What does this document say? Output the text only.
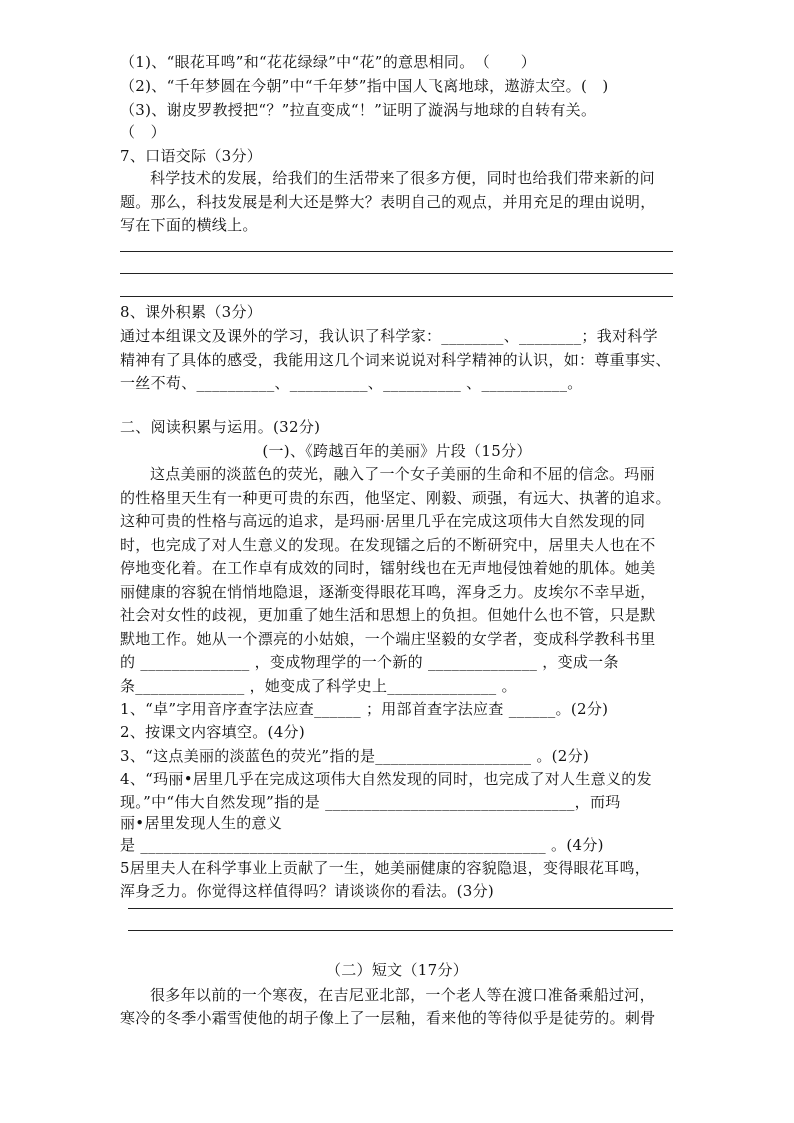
（1)、“眼花耳鸣”和“花花绿绿”中“花”的意思相同。　（　　）
（2)、“千年梦圆在今朝”中“千年梦”指中国人飞离地球，遨游太空。(　)
（3)、谢皮罗教授把“？”拉直变成“！”证明了漩涡与地球的自转有关。
（　）
7、口语交际（3分）
科学技术的发展，给我们的生活带来了很多方便，同时也给我们带来新的问
题。那么，科技发展是利大还是弊大？表明自己的观点，并用充足的理由说明，
写在下面的横线上。
8、课外积累（3分）
通过本组课文及课外的学习，我认识了科学家：________、________；我对科学
精神有了具体的感受，我能用这几个词来说说对科学精神的认识，如：尊重事实、
一丝不苟、__________、__________、__________ 、___________。
二、阅读积累与运用。(32分)
(一)、《跨越百年的美丽》片段（15分）
这点美丽的淡蓝色的荧光，融入了一个女子美丽的生命和不屈的信念。玛丽
的性格里天生有一种更可贵的东西，他坚定、刚毅、顽强，有远大、执著的追求。
这种可贵的性格与高远的追求，是玛丽·居里几乎在完成这项伟大自然发现的同
时，也完成了对人生意义的发现。在发现镭之后的不断研究中，居里夫人也在不
停地变化着。在工作卓有成效的同时，镭射线也在无声地侵蚀着她的肌体。她美
丽健康的容貌在悄悄地隐退，逐渐变得眼花耳鸣，浑身乏力。皮埃尔不幸早逝，
社会对女性的歧视，更加重了她生活和思想上的负担。但她什么也不管，只是默
默地工作。她从一个漂亮的小姑娘，一个端庄坚毅的女学者，变成科学教科书里
的 ______________ ，变成物理学的一个新的 ______________ ，变成一条
条______________ ，她变成了科学史上______________ 。
1、“卓”字用音序查字法应查______ ；用部首查字法应查 ______。(2分)
2、按课文内容填空。(4分)
3、“这点美丽的淡蓝色的荧光”指的是____________________ 。(2分)
4、“玛丽•居里几乎在完成这项伟大自然发现的同时，也完成了对人生意义的发
现。”中“伟大自然发现”指的是 ________________________________，而玛
丽•居里发现人生的意义
是 ____________________________________________________ 。(4分)
5居里夫人在科学事业上贡献了一生，她美丽健康的容貌隐退，变得眼花耳鸣，
浑身乏力。你觉得这样值得吗？请谈谈你的看法。(3分)
（二）短文（17分）
很多年以前的一个寒夜，在吉尼亚北部，一个老人等在渡口准备乘船过河，
寒冷的冬季小霜雪使他的胡子像上了一层釉，看来他的等待似乎是徒劳的。刺骨
